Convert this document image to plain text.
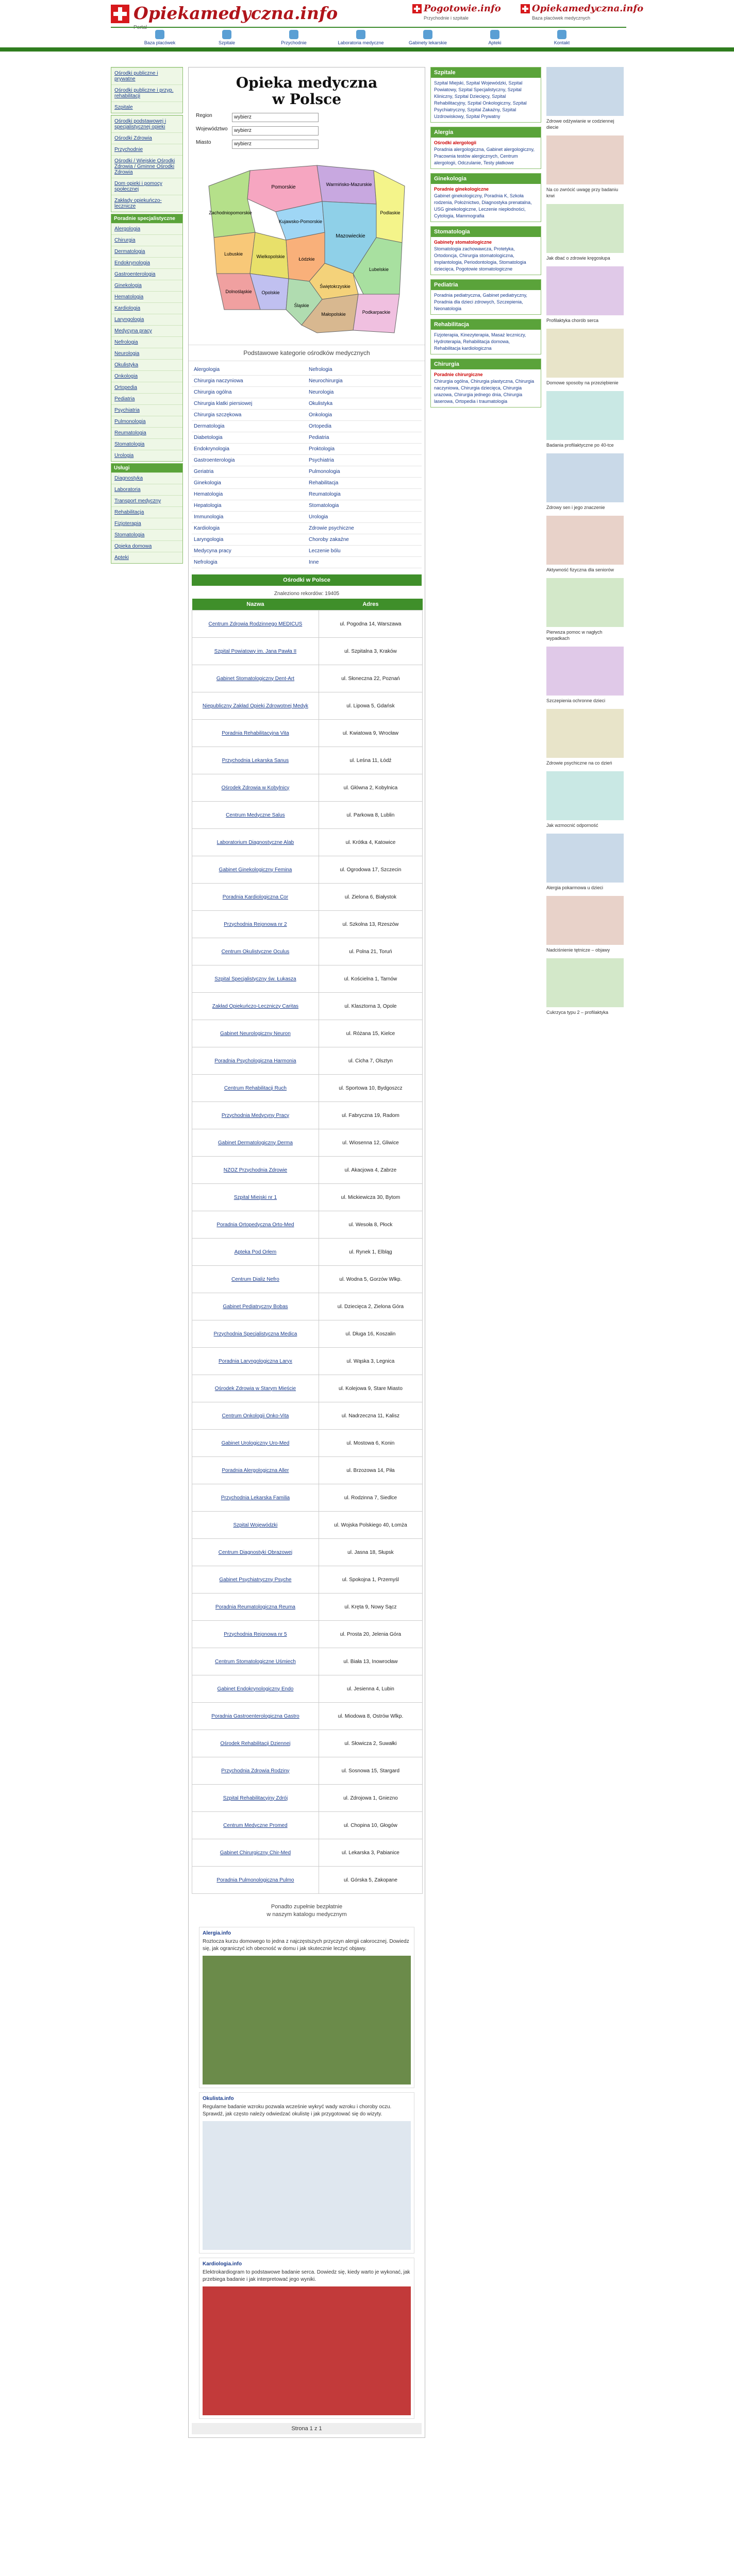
Opiekamedyczna.info
Portal
Pogotowie.info
Przychodnie i szpitale
Opiekamedyczna.info
Baza placówek medycznych
Baza placówek	Szpitale	Przychodnie	Laboratoria medyczne	Gabinety lekarskie	Apteki	Kontakt
Ośrodki publiczne i prywatne
Ośrodki publiczne i przyp. rehabilitacji
Szpitale
Ośrodki podstawowej i specjalistycznej opieki
Ośrodki Zdrowia
Przychodnie
Ośrodki / Wiejskie Ośrodki Zdrowia / Gminne Ośrodki Zdrowia
Dom opieki i pomocy społecznej
Zakłady opiekuńczo-lecznicze
Poradnie specjalistyczne
Alergologia
Chirurgia
Dermatologia
Endokrynologia
Gastroenterologia
Ginekologia
Hematologia
Kardiologia
Laryngologia
Medycyna pracy
Nefrologia
Neurologia
Okulistyka
Onkologia
Ortopedia
Pediatria
Psychiatria
Pulmonologia
Reumatologia
Stomatologia
Urologia
Usługi
Diagnostyka
Laboratoria
Transport medyczny
Rehabilitacja
Fizjoterapia
Stomatologia
Opieka domowa
Apteki
Opieka medyczna
w Polsce
Region	wybierz
Województwo	wybierz
Miasto	wybierz
Pomorskie	Warmińsko-Mazurskie
Zachodniopomorskie	Podlaskie
Kujawsko-Pomorskie
Lubuskie	Wielkopolskie
Mazowieckie
Łódzkie
Lubelskie
Dolnośląskie
Świętokrzyskie
Opolskie
Śląskie
Podkarpackie
Małopolskie
Podstawowe kategorie ośrodków medycznych
Alergologia
Chirurgia naczyniowa
Chirurgia ogólna
Chirurgia klatki piersiowej
Chirurgia szczękowa
Dermatologia
Diabetologia
Endokrynologia
Gastroenterologia
Geriatria
Ginekologia
Hematologia
Hepatologia
Immunologia
Kardiologia
Laryngologia
Medycyna pracy
Nefrologia
Nefrologia
Neurochirurgia
Neurologia
Okulistyka
Onkologia
Ortopedia
Pediatria
Proktologia
Psychiatria
Pulmonologia
Rehabilitacja
Reumatologia
Stomatologia
Urologia
Zdrowie psychiczne
Choroby zakaźne
Leczenie bólu
Inne
Ośrodki w Polsce
Znaleziono rekordów: 19405
Nazwa	Adres
Centrum Zdrowia Rodzinnego MEDICUS	ul. Pogodna 14, Warszawa
Szpital Powiatowy im. Jana Pawła II	ul. Szpitalna 3, Kraków
Gabinet Stomatologiczny Dent-Art	ul. Słoneczna 22, Poznań
Niepubliczny Zakład Opieki Zdrowotnej Medyk	ul. Lipowa 5, Gdańsk
Poradnia Rehabilitacyjna Vita	ul. Kwiatowa 9, Wrocław
Przychodnia Lekarska Sanus	ul. Leśna 11, Łódź
Ośrodek Zdrowia w Kobylnicy	ul. Główna 2, Kobylnica
Centrum Medyczne Salus	ul. Parkowa 8, Lublin
Laboratorium Diagnostyczne Alab	ul. Krótka 4, Katowice
Gabinet Ginekologiczny Femina	ul. Ogrodowa 17, Szczecin
Poradnia Kardiologiczna Cor	ul. Zielona 6, Białystok
Przychodnia Rejonowa nr 2	ul. Szkolna 13, Rzeszów
Centrum Okulistyczne Oculus	ul. Polna 21, Toruń
Szpital Specjalistyczny św. Łukasza	ul. Kościelna 1, Tarnów
Zakład Opiekuńczo-Leczniczy Caritas	ul. Klasztorna 3, Opole
Gabinet Neurologiczny Neuron	ul. Różana 15, Kielce
Poradnia Psychologiczna Harmonia	ul. Cicha 7, Olsztyn
Centrum Rehabilitacji Ruch	ul. Sportowa 10, Bydgoszcz
Przychodnia Medycyny Pracy	ul. Fabryczna 19, Radom
Gabinet Dermatologiczny Derma	ul. Wiosenna 12, Gliwice
NZOZ Przychodnia Zdrowie	ul. Akacjowa 4, Zabrze
Szpital Miejski nr 1	ul. Mickiewicza 30, Bytom
Poradnia Ortopedyczna Orto-Med	ul. Wesoła 8, Płock
Apteka Pod Orłem	ul. Rynek 1, Elbląg
Centrum Dializ Nefro	ul. Wodna 5, Gorzów Wlkp.
Gabinet Pediatryczny Bobas	ul. Dziecięca 2, Zielona Góra
Przychodnia Specjalistyczna Medica	ul. Długa 16, Koszalin
Poradnia Laryngologiczna Laryx	ul. Wąska 3, Legnica
Ośrodek Zdrowia w Starym Mieście	ul. Kolejowa 9, Stare Miasto
Centrum Onkologii Onko-Vita	ul. Nadrzeczna 11, Kalisz
Gabinet Urologiczny Uro-Med	ul. Mostowa 6, Konin
Poradnia Alergologiczna Aller	ul. Brzozowa 14, Piła
Przychodnia Lekarska Familia	ul. Rodzinna 7, Siedlce
Szpital Wojewódzki	ul. Wojska Polskiego 40, Łomża
Centrum Diagnostyki Obrazowej	ul. Jasna 18, Słupsk
Gabinet Psychiatryczny Psyche	ul. Spokojna 1, Przemyśl
Poradnia Reumatologiczna Reuma	ul. Kręta 9, Nowy Sącz
Przychodnia Rejonowa nr 5	ul. Prosta 20, Jelenia Góra
Centrum Stomatologiczne Uśmiech	ul. Biała 13, Inowrocław
Gabinet Endokrynologiczny Endo	ul. Jesienna 4, Lubin
Poradnia Gastroenterologiczna Gastro	ul. Miodowa 8, Ostrów Wlkp.
Ośrodek Rehabilitacji Dziennej	ul. Słowicza 2, Suwałki
Przychodnia Zdrowia Rodziny	ul. Sosnowa 15, Stargard
Szpital Rehabilitacyjny Zdrój	ul. Zdrojowa 1, Gniezno
Centrum Medyczne Promed	ul. Chopina 10, Głogów
Gabinet Chirurgiczny Chir-Med	ul. Lekarska 3, Pabianice
Poradnia Pulmonologiczna Pulmo	ul. Górska 5, Zakopane
Ponadto zupełnie bezpłatnie
w naszym katalogu medycznym
Alergia.info
Roztocza kurzu domowego to jedna z najczęstszych przyczyn alergii całorocznej. Dowiedz się, jak ograniczyć ich obecność w domu i jak skutecznie leczyć objawy.
Okulista.info
Regularne badanie wzroku pozwala wcześnie wykryć wady wzroku i choroby oczu. Sprawdź, jak często należy odwiedzać okulistę i jak przygotować się do wizyty.
Kardiologia.info
Elektrokardiogram to podstawowe badanie serca. Dowiedz się, kiedy warto je wykonać, jak przebiega badanie i jak interpretować jego wyniki.
Strona 1 z 1
Szpitale
Szpital Miejski, Szpital Wojewódzki, Szpital Powiatowy, Szpital Specjalistyczny, Szpital Kliniczny, Szpital Dziecięcy, Szpital Rehabilitacyjny, Szpital Onkologiczny, Szpital Psychiatryczny, Szpital Zakaźny, Szpital Uzdrowiskowy, Szpital Prywatny
Alergia
Ośrodki alergologii
Poradnia alergologiczna, Gabinet alergologiczny, Pracownia testów alergicznych, Centrum alergologii, Odczulanie, Testy płatkowe
Ginekologia
Poradnie ginekologiczne
Gabinet ginekologiczny, Poradnia K, Szkoła rodzenia, Położnictwo, Diagnostyka prenatalna, USG ginekologiczne, Leczenie niepłodności, Cytologia, Mammografia
Stomatologia
Gabinety stomatologiczne
Stomatologia zachowawcza, Protetyka, Ortodoncja, Chirurgia stomatologiczna, Implantologia, Periodontologia, Stomatologia dziecięca, Pogotowie stomatologiczne
Pediatria
Poradnia pediatryczna, Gabinet pediatryczny, Poradnia dla dzieci zdrowych, Szczepienia, Neonatologia
Rehabilitacja
Fizjoterapia, Kinezyterapia, Masaż leczniczy, Hydroterapia, Rehabilitacja domowa, Rehabilitacja kardiologiczna
Chirurgia
Poradnie chirurgiczne
Chirurgia ogólna, Chirurgia plastyczna, Chirurgia naczyniowa, Chirurgia dziecięca, Chirurgia urazowa, Chirurgia jednego dnia, Chirurgia laserowa, Ortopedia i traumatologia
Zdrowe odżywianie w codziennej diecie
Na co zwrócić uwagę przy badaniu krwi
Jak dbać o zdrowie kręgosłupa
Profilaktyka chorób serca
Domowe sposoby na przeziębienie
Badania profilaktyczne po 40-tce
Zdrowy sen i jego znaczenie
Aktywność fizyczna dla seniorów
Pierwsza pomoc w nagłych wypadkach
Szczepienia ochronne dzieci
Zdrowie psychiczne na co dzień
Jak wzmocnić odporność
Alergia pokarmowa u dzieci
Nadciśnienie tętnicze – objawy
Cukrzyca typu 2 – profilaktyka
